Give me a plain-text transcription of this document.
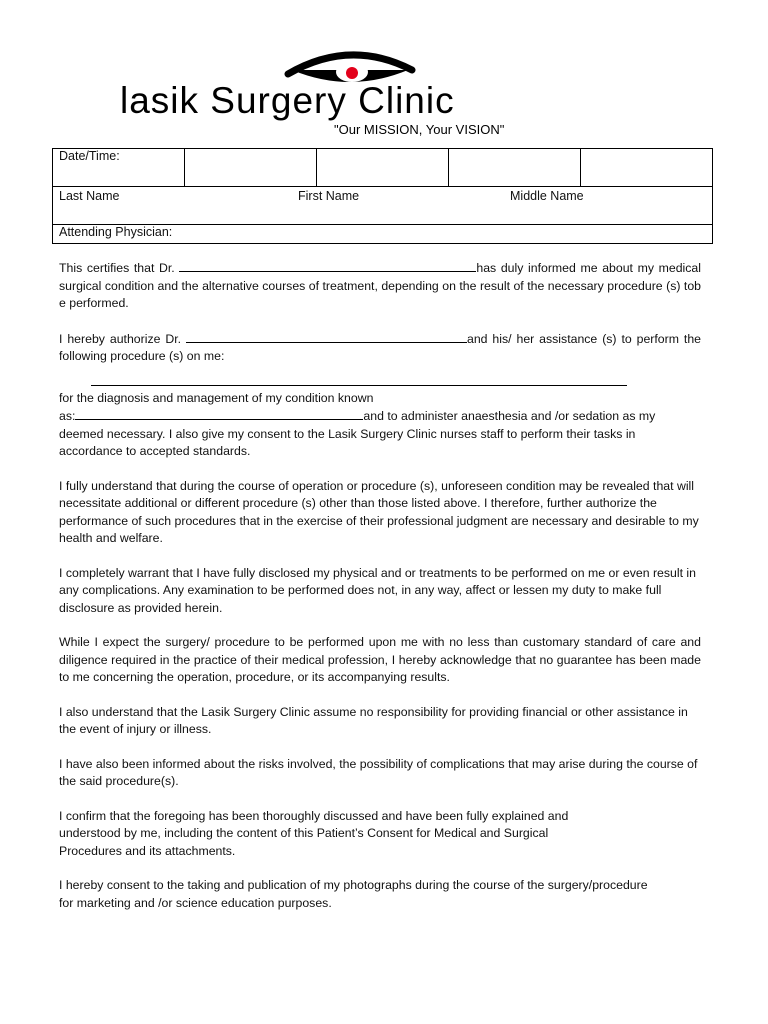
lasik Surgery Clinic
"Our MISSION, Your VISION"
Date/Time:				

Last Name	First Name	Middle Name

Attending Physician:

This certifies that Dr.	has duly informed me about my medical surgical condition and the alternative courses of treatment, depending on the result of the necessary procedure (s) tob e performed.

I hereby authorize Dr.	and his/ her assistance (s) to perform the following procedure (s) on me:

for the diagnosis and management of my condition known
as:	and to administer anaesthesia and /or sedation as my deemed necessary. I also give my consent to the Lasik Surgery Clinic nurses staff to perform their tasks in accordance to accepted standards.

I fully understand that during the course of operation or procedure (s), unforeseen condition may be revealed that will necessitate additional or different procedure (s) other than those listed above. I therefore, further authorize the performance of such procedures that in the exercise of their professional judgment are necessary and desirable to my health and welfare.

I completely warrant that I have fully disclosed my physical and or treatments to be performed on me or even result in any complications. Any examination to be performed does not, in any way, affect or lessen my duty to make full disclosure as provided herein.

While I expect the surgery/ procedure to be performed upon me with no less than customary standard of care and diligence required in the practice of their medical profession, I hereby acknowledge that no guarantee has been made to me concerning the operation, procedure, or its accompanying results.

I also understand that the Lasik Surgery Clinic assume no responsibility for providing financial or other assistance in the event of injury or illness.

I have also been informed about the risks involved, the possibility of complications that may arise during the course of the said procedure(s).

I confirm that the foregoing has been thoroughly discussed and have been fully explained and
understood by me, including the content of this Patient’s Consent for Medical and Surgical
Procedures and its attachments.

I hereby consent to the taking and publication of my photographs during the course of the surgery/procedure
for marketing and /or science education purposes.
